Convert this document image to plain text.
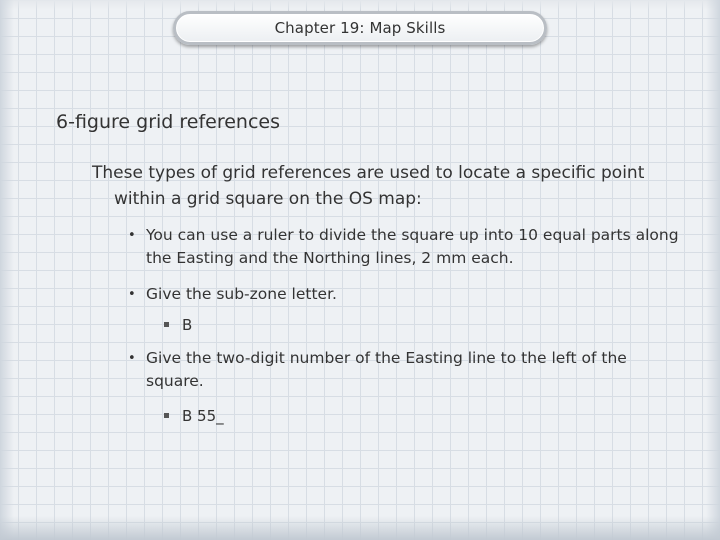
Chapter 19: Map Skills
6-figure grid references
These types of grid references are used to locate a specific point within a grid square on the OS map:
• You can use a ruler to divide the square up into 10 equal parts along the Easting and the Northing lines, 2 mm each.
• Give the sub-zone letter.
B
• Give the two-digit number of the Easting line to the left of the square.
B 55_
